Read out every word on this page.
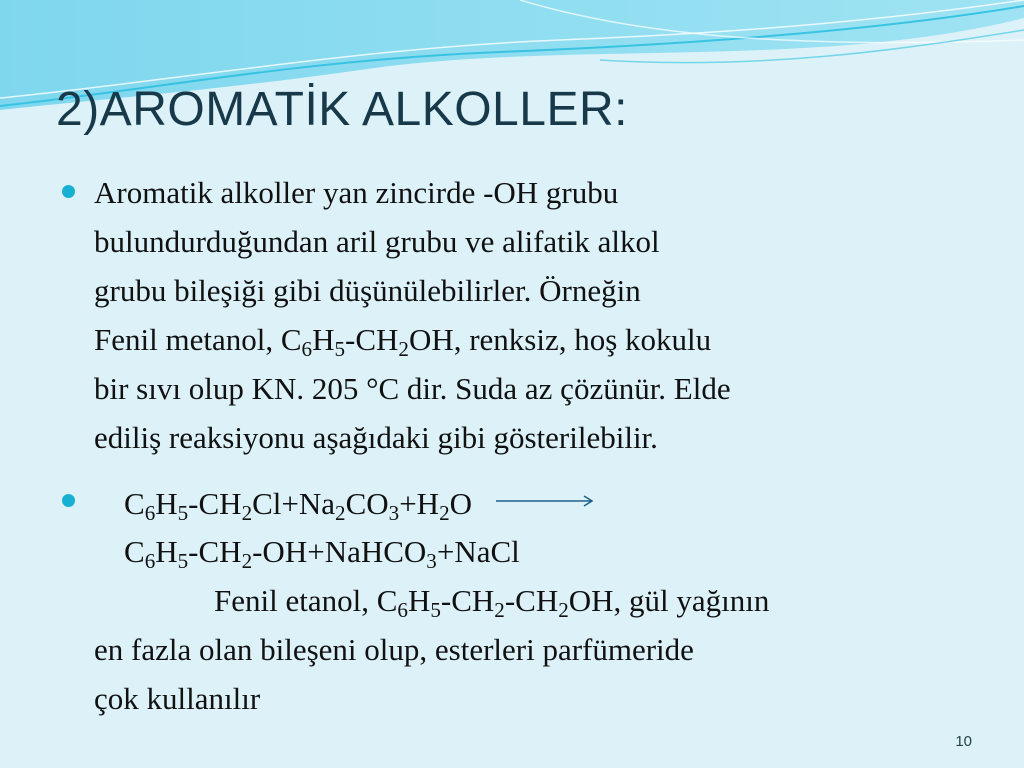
2)AROMATİK ALKOLLER:
Aromatik alkoller yan zincirde -OH grubu
bulundurduğundan aril grubu ve alifatik alkol
grubu bileşiği gibi düşünülebilirler. Örneğin
Fenil metanol, $C_6H_5-CH_2OH$, renksiz, hoş kokulu
bir sıvı olup KN. 205 °C dir. Suda az çözünür. Elde
ediliş reaksiyonu aşağıdaki gibi gösterilebilir.
$C_6H_5-CH_2Cl+Na_2CO_3+H_2O$ →
$C_6H_5-CH_2-OH+NaHCO_3+NaCl$
Fenil etanol, $C_6H_5-CH_2-CH_2OH$, gül yağının
en fazla olan bileşeni olup, esterleri parfümeride
çok kullanılır
10
